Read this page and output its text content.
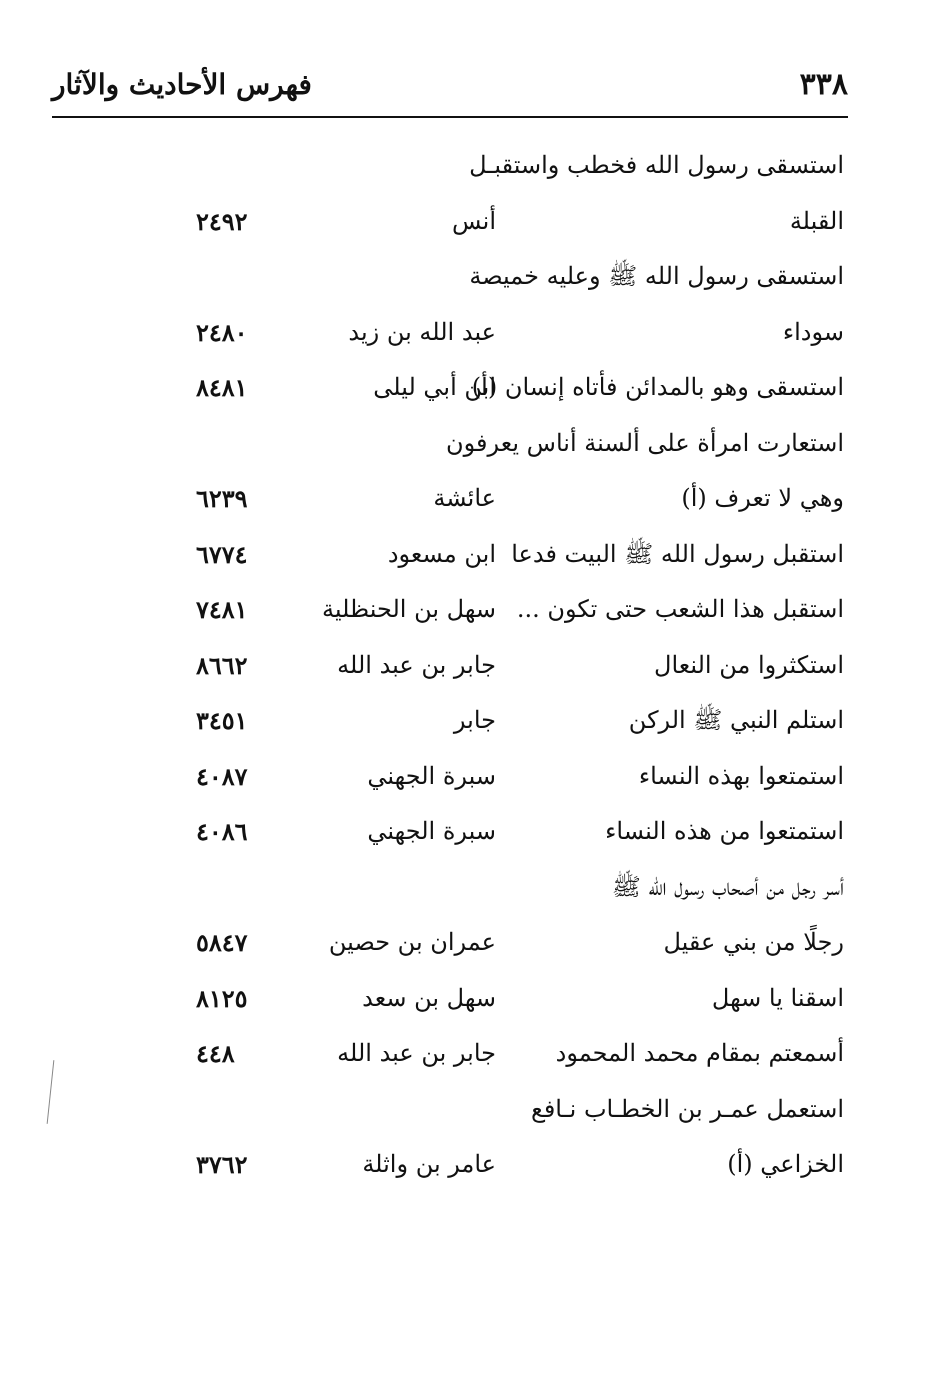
٣٣٨
فهرس الأحاديث والآثار
استسقى رسول الله فخطب واستقبـل
القبلة
أنس
٢٤٩٢
استسقى رسول الله ﷺ وعليه خميصة
سوداء
عبد الله بن زيد
٢٤٨٠
استسقى وهو بالمدائن فأتاه إنسان (أ)
ابن أبي ليلى
٨٤٨١
استعارت امرأة على ألسنة أناس يعرفون
وهي لا تعرف (أ)
عائشة
٦٢٣٩
استقبل رسول الله ﷺ البيت فدعا
ابن مسعود
٦٧٧٤
استقبل هذا الشعب حتى تكون ...
سهل بن الحنظلية
٧٤٨١
استكثروا من النعال
جابر بن عبد الله
٨٦٦٢
استلم النبي ﷺ الركن
جابر
٣٤٥١
استمتعوا بهذه النساء
سبرة الجهني
٤٠٨٧
استمتعوا من هذه النساء
سبرة الجهني
٤٠٨٦
أسر رجل من أصحاب رسول الله ﷺ
رجلًا من بني عقيل
عمران بن حصين
٥٨٤٧
اسقنا يا سهل
سهل بن سعد
٨١٢٥
أسمعتم بمقام محمد المحمود
جابر بن عبد الله
٤٤٨
استعمل عمـر بن الخطـاب نـافع
الخزاعي (أ)
عامر بن واثلة
٣٧٦٢
